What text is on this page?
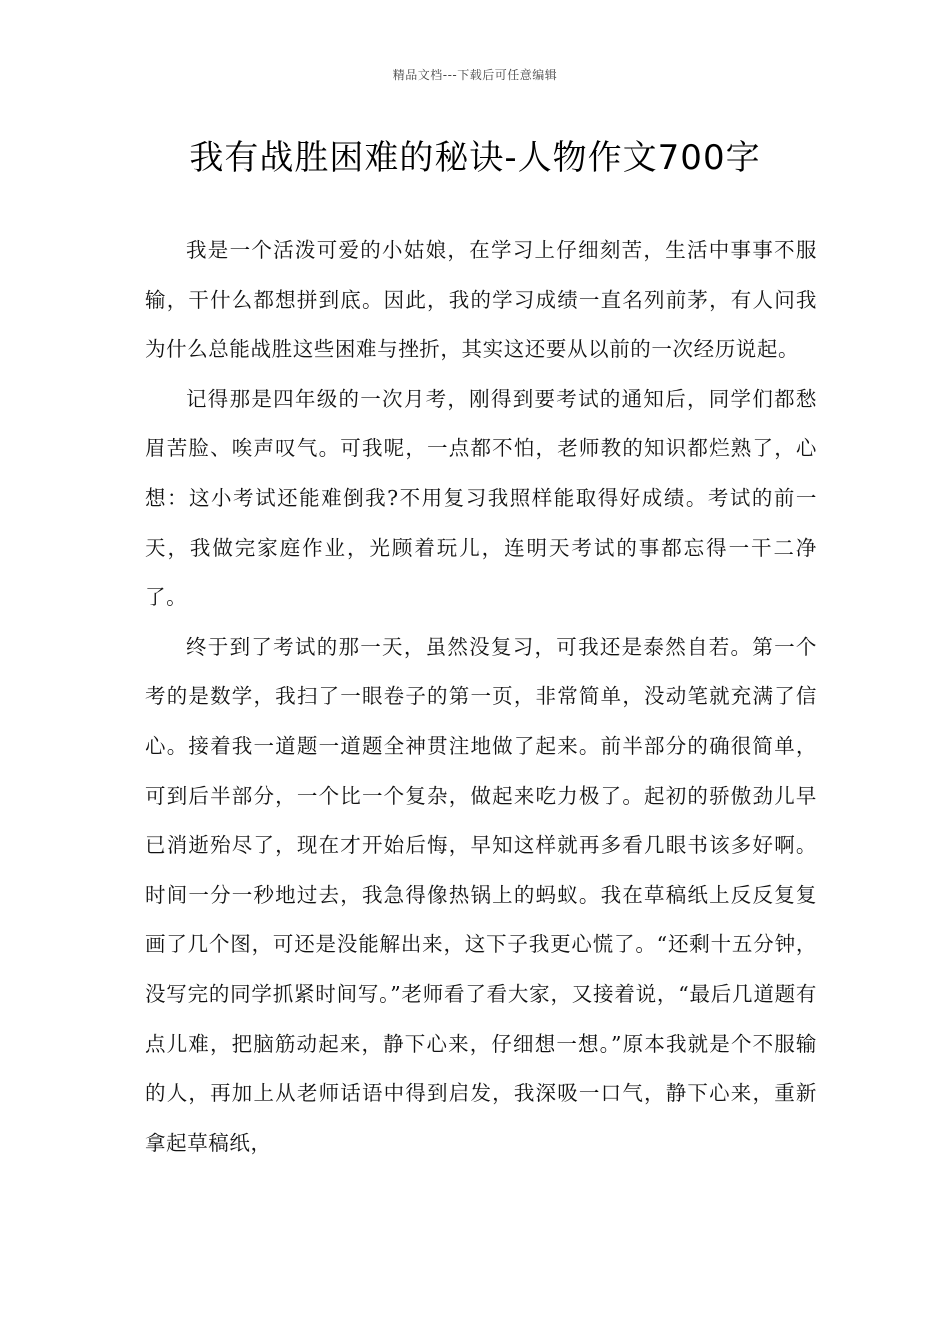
精品文档---下载后可任意编辑
我有战胜困难的秘诀-人物作文700字

我是一个活泼可爱的小姑娘，在学习上仔细刻苦，生活中事事不服输，干什么都想拼到底。因此，我的学习成绩一直名列前茅，有人问我为什么总能战胜这些困难与挫折，其实这还要从以前的一次经历说起。

记得那是四年级的一次月考，刚得到要考试的通知后，同学们都愁眉苦脸、唉声叹气。可我呢，一点都不怕，老师教的知识都烂熟了，心想：这小考试还能难倒我?不用复习我照样能取得好成绩。考试的前一天，我做完家庭作业，光顾着玩儿，连明天考试的事都忘得一干二净了。

终于到了考试的那一天，虽然没复习，可我还是泰然自若。第一个考的是数学，我扫了一眼卷子的第一页，非常简单，没动笔就充满了信心。接着我一道题一道题全神贯注地做了起来。前半部分的确很简单，可到后半部分，一个比一个复杂，做起来吃力极了。起初的骄傲劲儿早已消逝殆尽了，现在才开始后悔，早知这样就再多看几眼书该多好啊。时间一分一秒地过去，我急得像热锅上的蚂蚁。我在草稿纸上反反复复画了几个图，可还是没能解出来，这下子我更心慌了。“还剩十五分钟，没写完的同学抓紧时间写。”老师看了看大家，又接着说，“最后几道题有点儿难，把脑筋动起来，静下心来，仔细想一想。”原本我就是个不服输的人，再加上从老师话语中得到启发，我深吸一口气，静下心来，重新拿起草稿纸，
